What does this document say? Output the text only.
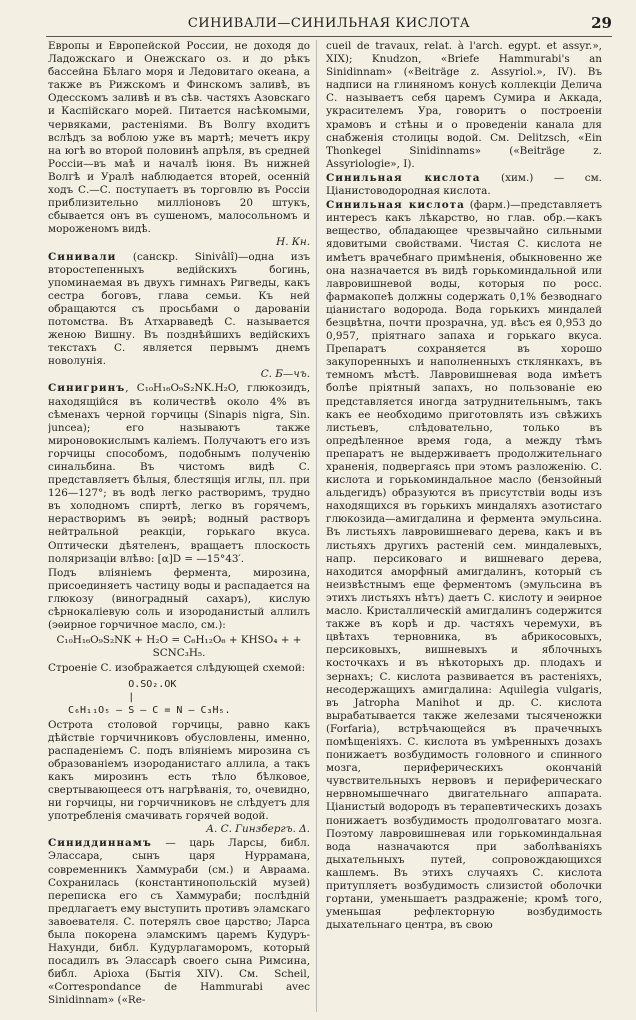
СИНИВАЛИ—СИНИЛЬНАЯ КИСЛОТА	29

Европы и Европейской России, не доходя до Ладожскаго и Онежскаго оз. и до рѣкъ бассейна Бѣлаго моря и Ледовитаго океана, а также въ Рижскомъ и Финскомъ заливѣ, въ Одесскомъ заливѣ и въ сѣв. частяхъ Азовскаго и Каспійскаго морей. Питается насѣкомыми, червяками, растеніями. Въ Волгу входитъ вслѣдъ за воблою уже въ мартѣ; мечетъ икру на югѣ во второй половинѣ апрѣля, въ средней Россіи—въ маѣ и началѣ іюня. Въ нижней Волгѣ и Уралѣ наблюдается вторей, осенній ходъ С.—С. поступаетъ въ торговлю въ Россіи приблизительно милліоновъ 20 штукъ, сбывается онъ въ сушеномъ, малосольномъ и мороженомъ видѣ.
Н. Кн.

Синивали (санскр. Sinivâlî)—одна изъ второстепенныхъ ведійскихъ богинь, упоминаемая въ двухъ гимнахъ Ригведы, какъ сестра боговъ, глава семьи. Къ ней обращаются съ просьбами о дарованіи потомства. Въ Атхарваведѣ С. называется женою Вишну. Въ позднѣйшихъ ведійскихъ текстахъ С. является первымъ днемъ новолунія.
С. Б—чъ.

Синигринъ, C₁₀H₁₆O₉S₂NK.H₂O, глюкозидъ, находящійся въ количествѣ около 4% въ сѣменахъ черной горчицы (Sinapis nigra, Sin. juncea); его называютъ также мироновокислымъ каліемъ. Получаютъ его изъ горчицы способомъ, подобнымъ полученію синальбина. Въ чистомъ видѣ С. представляетъ бѣлыя, блестящія иглы, пл. при 126—127°; въ водѣ легко растворимъ, трудно въ холодномъ спиртѣ, легко въ горячемъ, нерастворимъ въ эѳирѣ; водный растворъ нейтральной реакціи, горькаго вкуса. Оптически дѣятеленъ, вращаетъ плоскость поляризаціи влѣво: [α]D = —15°43′.

Подъ вліяніемъ фермента, мирозина, присоединяетъ частицу воды и распадается на глюкозу (виноградный сахаръ), кислую сѣрнокаліевую соль и изороданистый аллилъ (эѳирное горчичное масло, см.):

C₁₀H₁₆O₉S₂NK + H₂O = C₆H₁₂O₆ + KHSO₄ + + SCNC₃H₅.

Строеніе С. изображается слѣдующей схемой:

O.SO₂.OK
|
C₆H₁₁O₅ — S — C = N — C₃H₅.

Острота столовой горчицы, равно какъ дѣйствіе горчичниковъ обусловлены, именно, распаденіемъ С. подъ вліяніемъ мирозина съ образованіемъ изороданистаго аллила, а такъ какъ мирозинъ есть тѣло бѣлковое, свертывающееся отъ нагрѣванія, то, очевидно, ни горчицы, ни горчичниковъ не слѣдуетъ для употребленія смачивать горячей водой.
А. С. Гинзбергъ. Δ.

Синиддиннамъ — царь Ларсы, библ. Элассара, сынъ царя Нуррамана, современникъ Хаммураби (см.) и Авраама. Сохранилась (константинопольскій музей) переписка его съ Хаммураби; послѣдній предлагаетъ ему выступить противъ эламскаго завоевателя. С. потерялъ свое царство; Ларса была покорена эламскимъ царемъ Кудуръ-Нахунди, библ. Кудурлагаморомъ, который посадилъ въ Элассарѣ своего сына Римсина, библ. Аріоха (Бытія XIV). См. Scheil, «Correspondance de Hammurabi avec Sinidinnam» («Re-

cueil de travaux, relat. à l'arch. egypt. et assyr.», XIX); Knudzon, «Briefe Hammurabi's an Sinidinnam» («Beiträge z. Assyriol.», IV). Въ надписи на глиняномъ конусѣ коллекціи Делича С. называетъ себя царемъ Сумира и Аккада, украсителемъ Ура, говоритъ о построеніи храмовъ и стѣны и о проведеніи канала для снабженія столицы водой. См. Delitzsch, «Ein Thonkegel Sinidinnams» («Beiträge z. Assyriologie», I).

Синильная кислота (хим.) — см. Ціанистоводородная кислота.

Синильная кислота (фарм.)—представляетъ интересъ какъ лѣкарство, но глав. обр.—какъ вещество, обладающее чрезвычайно сильными ядовитыми свойствами. Чистая С. кислота не имѣетъ врачебнаго примѣненія, обыкновенно же она назначается въ видѣ горькоминдальной или лавровишневой воды, которыя по росс. фармакопеѣ должны содержать 0,1% безводнаго ціанистаго водорода. Вода горькихъ миндалей безцвѣтна, почти прозрачна, уд. вѣсъ ея 0,953 до 0,957, пріятнаго запаха и горькаго вкуса. Препаратъ сохраняется въ хорошо закупоренныхъ и наполненныхъ стклянкахъ, въ темномъ мѣстѣ. Лавровишневая вода имѣетъ болѣе пріятный запахъ, но пользованіе ею представляется иногда затруднительнымъ, такъ какъ ее необходимо приготовлять изъ свѣжихъ листьевъ, слѣдовательно, только въ опредѣленное время года, а между тѣмъ препаратъ не выдерживаетъ продолжительнаго храненія, подвергаясь при этомъ разложенію. С. кислота и горькоминдальное масло (бензойный альдегидъ) образуются въ присутствіи воды изъ находящихся въ горькихъ миндаляхъ азотистаго глюкозида—амигдалина и фермента эмульсина. Въ листьяхъ лавровишневаго дерева, какъ и въ листьяхъ другихъ растеній сем. миндалевыхъ, напр. персиковаго и вишневаго дерева, находится аморфный амигдалинъ, который съ неизвѣстнымъ еще ферментомъ (эмульсина въ этихъ листьяхъ нѣтъ) даетъ С. кислоту и эѳирное масло. Кристаллическій амигдалинъ содержится также въ корѣ и др. частяхъ черемухи, въ цвѣтахъ терновника, въ абрикосовыхъ, персиковыхъ, вишневыхъ и яблочныхъ косточкахъ и въ нѣкоторыхъ др. плодахъ и зернахъ; С. кислота развивается въ растеніяхъ, несодержащихъ амигдалина: Aquilegia vulgaris, въ Jatropha Manihot и др. С. кислота вырабатывается также железами тысяченожки (Forfaria), встрѣчающейся въ прачечныхъ помѣщеніяхъ. С. кислота въ умѣренныхъ дозахъ понижаетъ возбудимость головного и спинного мозга, периферическихъ окончаній чувствительныхъ нервовъ и периферическаго нервномышечнаго двигательнаго аппарата. Ціанистый водородъ въ терапевтическихъ дозахъ понижаетъ возбудимость продолговатаго мозга. Поэтому лавровишневая или горькоминдальная вода назначаются при заболѣваніяхъ дыхательныхъ путей, сопровождающихся кашлемъ. Въ этихъ случаяхъ С. кислота притупляетъ возбудимость слизистой оболочки гортани, уменьшаетъ раздраженіе; кромѣ того, уменьшая рефлекторную возбудимость дыхательнаго центра, въ свою
